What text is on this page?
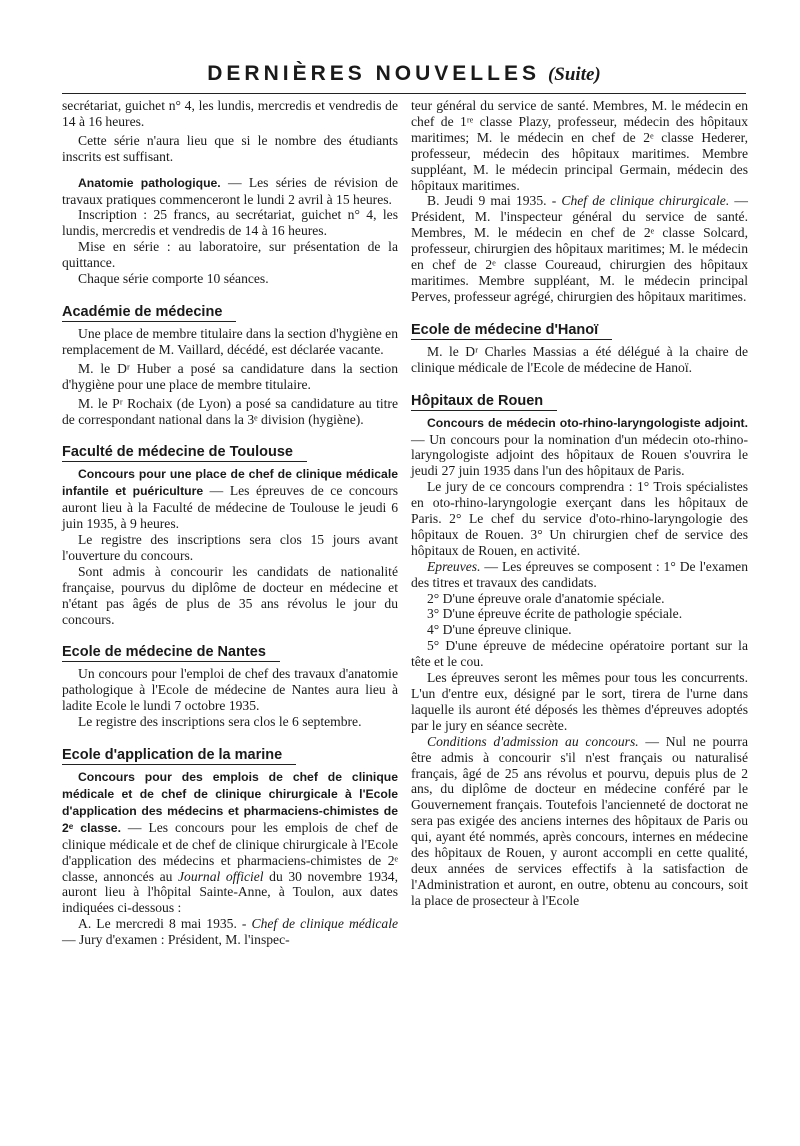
DERNIÈRES NOUVELLES (Suite)

secrétariat, guichet n° 4, les lundis, mercredis et vendredis de 14 à 16 heures.

Cette série n'aura lieu que si le nombre des étudiants inscrits est suffisant.

Anatomie pathologique. — Les séries de révision de travaux pratiques commenceront le lundi 2 avril à 15 heures.

Inscription : 25 francs, au secrétariat, guichet n° 4, les lundis, mercredis et vendredis de 14 à 16 heures.

Mise en série : au laboratoire, sur présentation de la quittance.

Chaque série comporte 10 séances.

Académie de médecine

Une place de membre titulaire dans la section d'hygiène en remplacement de M. Vaillard, décédé, est déclarée vacante.

M. le Dʳ Huber a posé sa candidature dans la section d'hygiène pour une place de membre titulaire.

M. le Pʳ Rochaix (de Lyon) a posé sa candidature au titre de correspondant national dans la 3ᵉ division (hygiène).

Faculté de médecine de Toulouse

Concours pour une place de chef de clinique médicale infantile et puériculture — Les épreuves de ce concours auront lieu à la Faculté de médecine de Toulouse le jeudi 6 juin 1935, à 9 heures.

Le registre des inscriptions sera clos 15 jours avant l'ouverture du concours.

Sont admis à concourir les candidats de nationalité française, pourvus du diplôme de docteur en médecine et n'étant pas âgés de plus de 35 ans révolus le jour du concours.

Ecole de médecine de Nantes

Un concours pour l'emploi de chef des travaux d'anatomie pathologique à l'Ecole de médecine de Nantes aura lieu à ladite Ecole le lundi 7 octobre 1935.

Le registre des inscriptions sera clos le 6 septembre.

Ecole d'application de la marine

Concours pour des emplois de chef de clinique médicale et de chef de clinique chirurgicale à l'Ecole d'application des médecins et pharmaciens-chimistes de 2ᵉ classe. — Les concours pour les emplois de chef de clinique médicale et de chef de clinique chirurgicale à l'Ecole d'application des médecins et pharmaciens-chimistes de 2ᵉ classe, annoncés au Journal officiel du 30 novembre 1934, auront lieu à l'hôpital Sainte-Anne, à Toulon, aux dates indiquées ci-dessous :

A. Le mercredi 8 mai 1935. - Chef de clinique médicale — Jury d'examen : Président, M. l'inspec-

teur général du service de santé. Membres, M. le médecin en chef de 1ʳᵉ classe Plazy, professeur, médecin des hôpitaux maritimes; M. le médecin en chef de 2ᵉ classe Hederer, professeur, médecin des hôpitaux maritimes. Membre suppléant, M. le médecin principal Germain, médecin des hôpitaux maritimes.

B. Jeudi 9 mai 1935. - Chef de clinique chirurgicale. — Président, M. l'inspecteur général du service de santé. Membres, M. le médecin en chef de 2ᵉ classe Solcard, professeur, chirurgien des hôpitaux maritimes; M. le médecin en chef de 2ᵉ classe Coureaud, chirurgien des hôpitaux maritimes. Membre suppléant, M. le médecin principal Perves, professeur agrégé, chirurgien des hôpitaux maritimes.

Ecole de médecine d'Hanoï

M. le Dʳ Charles Massias a été délégué à la chaire de clinique médicale de l'Ecole de médecine de Hanoï.

Hôpitaux de Rouen

Concours de médecin oto-rhino-laryngologiste adjoint. — Un concours pour la nomination d'un médecin oto-rhino-laryngologiste adjoint des hôpitaux de Rouen s'ouvrira le jeudi 27 juin 1935 dans l'un des hôpitaux de Paris.

Le jury de ce concours comprendra : 1° Trois spécialistes en oto-rhino-laryngologie exerçant dans les hôpitaux de Paris. 2° Le chef du service d'oto-rhino-laryngologie des hôpitaux de Rouen. 3° Un chirurgien chef de service des hôpitaux de Rouen, en activité.

Epreuves. — Les épreuves se composent : 1° De l'examen des titres et travaux des candidats.

2° D'une épreuve orale d'anatomie spéciale.

3° D'une épreuve écrite de pathologie spéciale.

4° D'une épreuve clinique.

5° D'une épreuve de médecine opératoire portant sur la tête et le cou.

Les épreuves seront les mêmes pour tous les concurrents. L'un d'entre eux, désigné par le sort, tirera de l'urne dans laquelle ils auront été déposés les thèmes d'épreuves adoptés par le jury en séance secrète.

Conditions d'admission au concours. — Nul ne pourra être admis à concourir s'il n'est français ou naturalisé français, âgé de 25 ans révolus et pourvu, depuis plus de 2 ans, du diplôme de docteur en médecine conféré par le Gouvernement français. Toutefois l'ancienneté de doctorat ne sera pas exigée des anciens internes des hôpitaux de Paris ou qui, ayant été nommés, après concours, internes en médecine des hôpitaux de Rouen, y auront accompli en cette qualité, deux années de services effectifs à la satisfaction de l'Administration et auront, en outre, obtenu au concours, soit la place de prosecteur à l'Ecole
